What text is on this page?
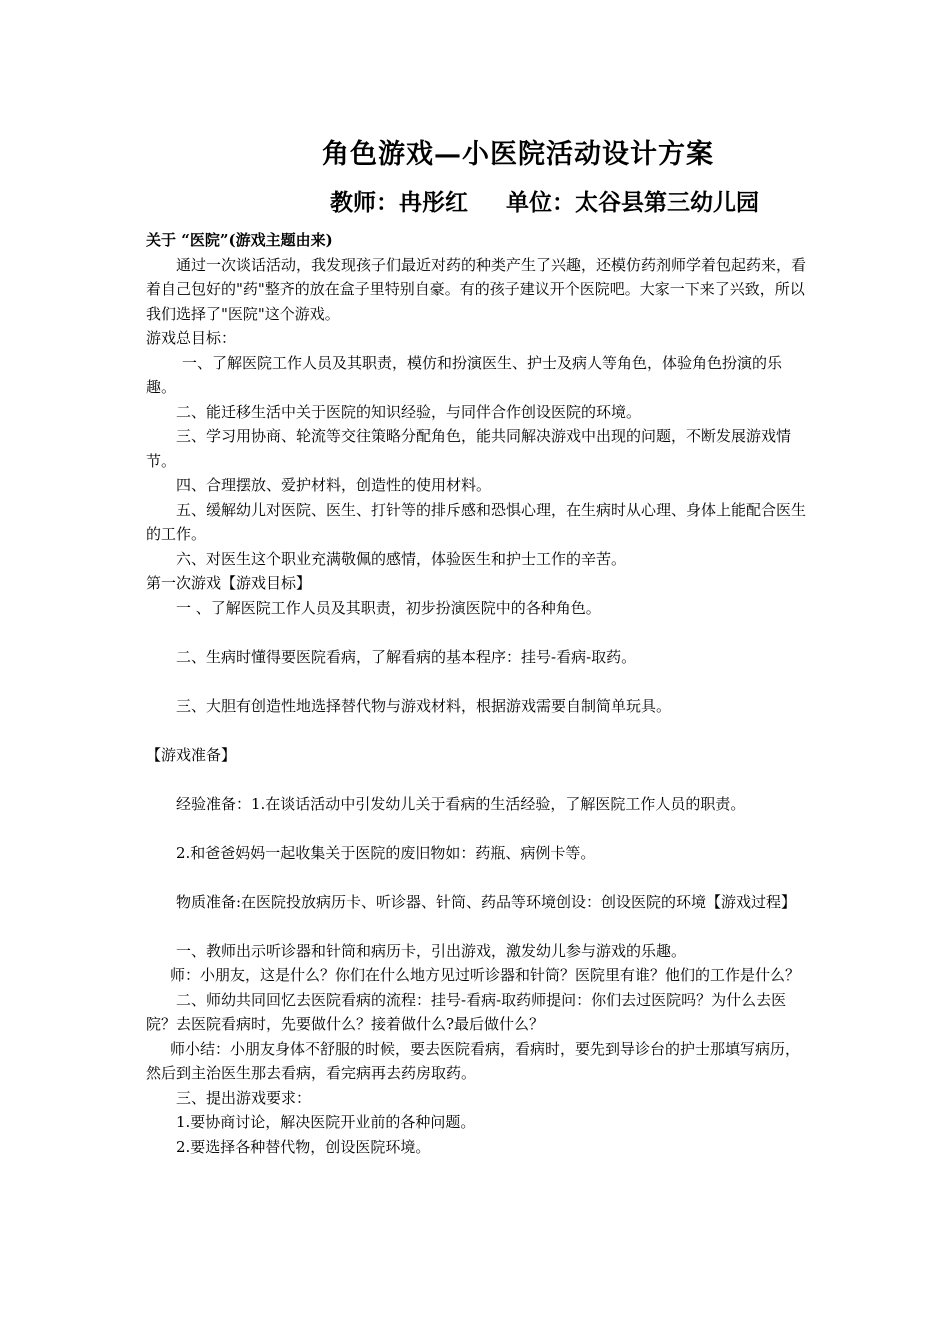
角色游戏—小医院活动设计方案
教师：冉彤红 单位：太谷县第三幼儿园

关于 “医院”(游戏主题由来)

通过一次谈话活动，我发现孩子们最近对药的种类产生了兴趣，还模仿药剂师学着包起药来，看着自己包好的"药"整齐的放在盒子里特别自豪。有的孩子建议开个医院吧。大家一下来了兴致，所以我们选择了"医院"这个游戏。

游戏总目标：

一、了解医院工作人员及其职责，模仿和扮演医生、护士及病人等角色，体验角色扮演的乐趣。

二、能迁移生活中关于医院的知识经验，与同伴合作创设医院的环境。

三、学习用协商、轮流等交往策略分配角色，能共同解决游戏中出现的问题，不断发展游戏情节。

四、合理摆放、爱护材料，创造性的使用材料。

五、缓解幼儿对医院、医生、打针等的排斥感和恐惧心理，在生病时从心理、身体上能配合医生的工作。

六、对医生这个职业充满敬佩的感情，体验医生和护士工作的辛苦。

第一次游戏【游戏目标】

一 、了解医院工作人员及其职责，初步扮演医院中的各种角色。

二、生病时懂得要医院看病，了解看病的基本程序：挂号-看病-取药。

三、大胆有创造性地选择替代物与游戏材料，根据游戏需要自制简单玩具。

【游戏准备】

经验准备：1.在谈话活动中引发幼儿关于看病的生活经验，了解医院工作人员的职责。

2.和爸爸妈妈一起收集关于医院的废旧物如：药瓶、病例卡等。

物质准备:在医院投放病历卡、听诊器、针筒、药品等环境创设：创设医院的环境【游戏过程】

一、教师出示听诊器和针筒和病历卡，引出游戏，激发幼儿参与游戏的乐趣。

师：小朋友，这是什么？你们在什么地方见过听诊器和针筒？医院里有谁？他们的工作是什么？

二、师幼共同回忆去医院看病的流程：挂号-看病-取药师提问：你们去过医院吗？为什么去医院？去医院看病时，先要做什么？接着做什么?最后做什么？

师小结：小朋友身体不舒服的时候，要去医院看病，看病时，要先到导诊台的护士那填写病历，然后到主治医生那去看病，看完病再去药房取药。

三、提出游戏要求：

1.要协商讨论，解决医院开业前的各种问题。

2.要选择各种替代物，创设医院环境。
